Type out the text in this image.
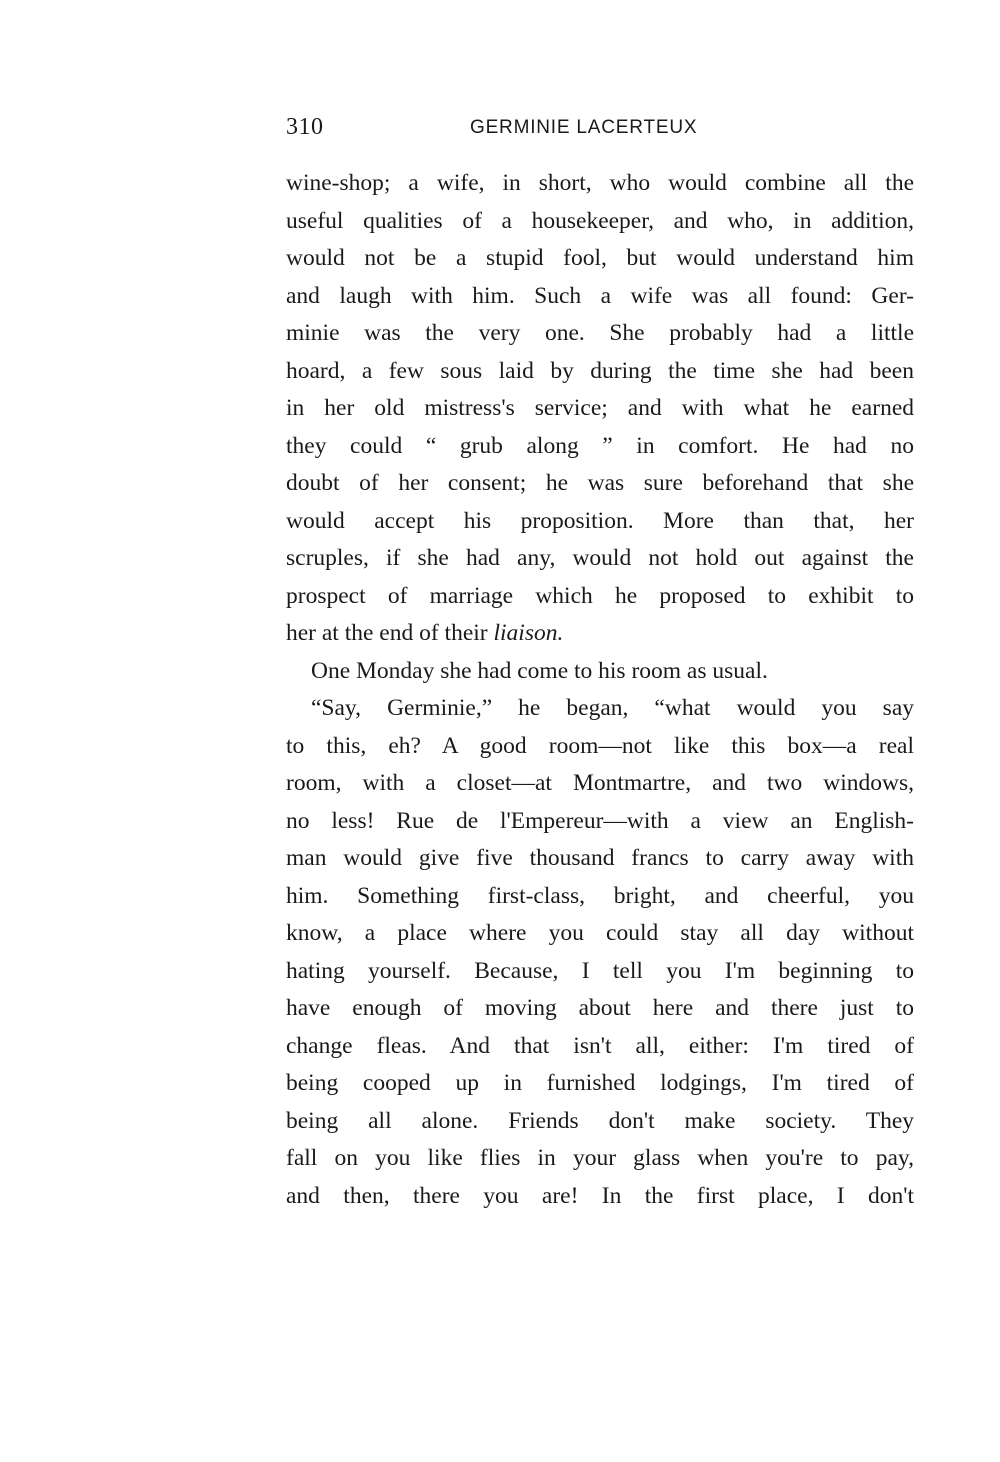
310	GERMINIE LACERTEUX
wine-shop; a wife, in short, who would combine all the
useful qualities of a housekeeper, and who, in addition,
would not be a stupid fool, but would understand him
and laugh with him. Such a wife was all found: Ger-
minie was the very one. She probably had a little
hoard, a few sous laid by during the time she had been
in her old mistress's service; and with what he earned
they could “ grub along ” in comfort. He had no
doubt of her consent; he was sure beforehand that she
would accept his proposition. More than that, her
scruples, if she had any, would not hold out against the
prospect of marriage which he proposed to exhibit to
her at the end of their liaison.
One Monday she had come to his room as usual.
“Say, Germinie,” he began, “what would you say
to this, eh? A good room—not like this box—a real
room, with a closet—at Montmartre, and two windows,
no less! Rue de l'Empereur—with a view an English-
man would give five thousand francs to carry away with
him. Something first-class, bright, and cheerful, you
know, a place where you could stay all day without
hating yourself. Because, I tell you I'm beginning to
have enough of moving about here and there just to
change fleas. And that isn't all, either: I'm tired of
being cooped up in furnished lodgings, I'm tired of
being all alone. Friends don't make society. They
fall on you like flies in your glass when you're to pay,
and then, there you are! In the first place, I don't
